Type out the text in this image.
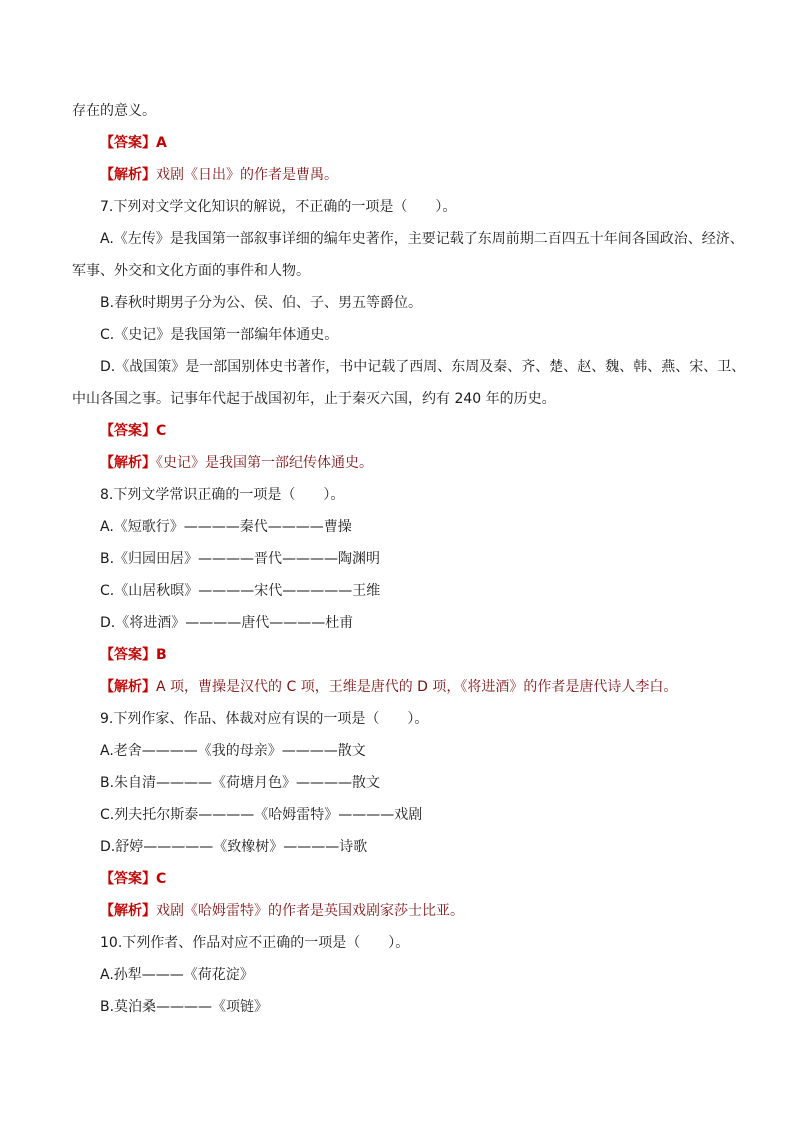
存在的意义。
【答案】A
【解析】戏剧《日出》的作者是曹禺。
7.下列对文学文化知识的解说，不正确的一项是（　　）。
A.《左传》是我国第一部叙事详细的编年史著作，主要记载了东周前期二百四五十年间各国政治、经济、
军事、外交和文化方面的事件和人物。
B.春秋时期男子分为公、侯、伯、子、男五等爵位。
C.《史记》是我国第一部编年体通史。
D.《战国策》是一部国别体史书著作，书中记载了西周、东周及秦、齐、楚、赵、魏、韩、燕、宋、卫、
中山各国之事。记事年代起于战国初年，止于秦灭六国，约有 240 年的历史。
【答案】C
【解析】《史记》是我国第一部纪传体通史。
8.下列文学常识正确的一项是（　　）。
A.《短歌行》————秦代————曹操
B.《归园田居》————晋代————陶渊明
C.《山居秋暝》————宋代—————王维
D.《将进酒》————唐代————杜甫
【答案】B
【解析】A 项，曹操是汉代的 C 项，王维是唐代的 D 项，《将进酒》的作者是唐代诗人李白。
9.下列作家、作品、体裁对应有误的一项是（　　）。
A.老舍————《我的母亲》————散文
B.朱自清————《荷塘月色》————散文
C.列夫托尔斯泰————《哈姆雷特》————戏剧
D.舒婷—————《致橡树》————诗歌
【答案】C
【解析】戏剧《哈姆雷特》的作者是英国戏剧家莎士比亚。
10.下列作者、作品对应不正确的一项是（　　）。
A.孙犁———《荷花淀》
B.莫泊桑————《项链》
